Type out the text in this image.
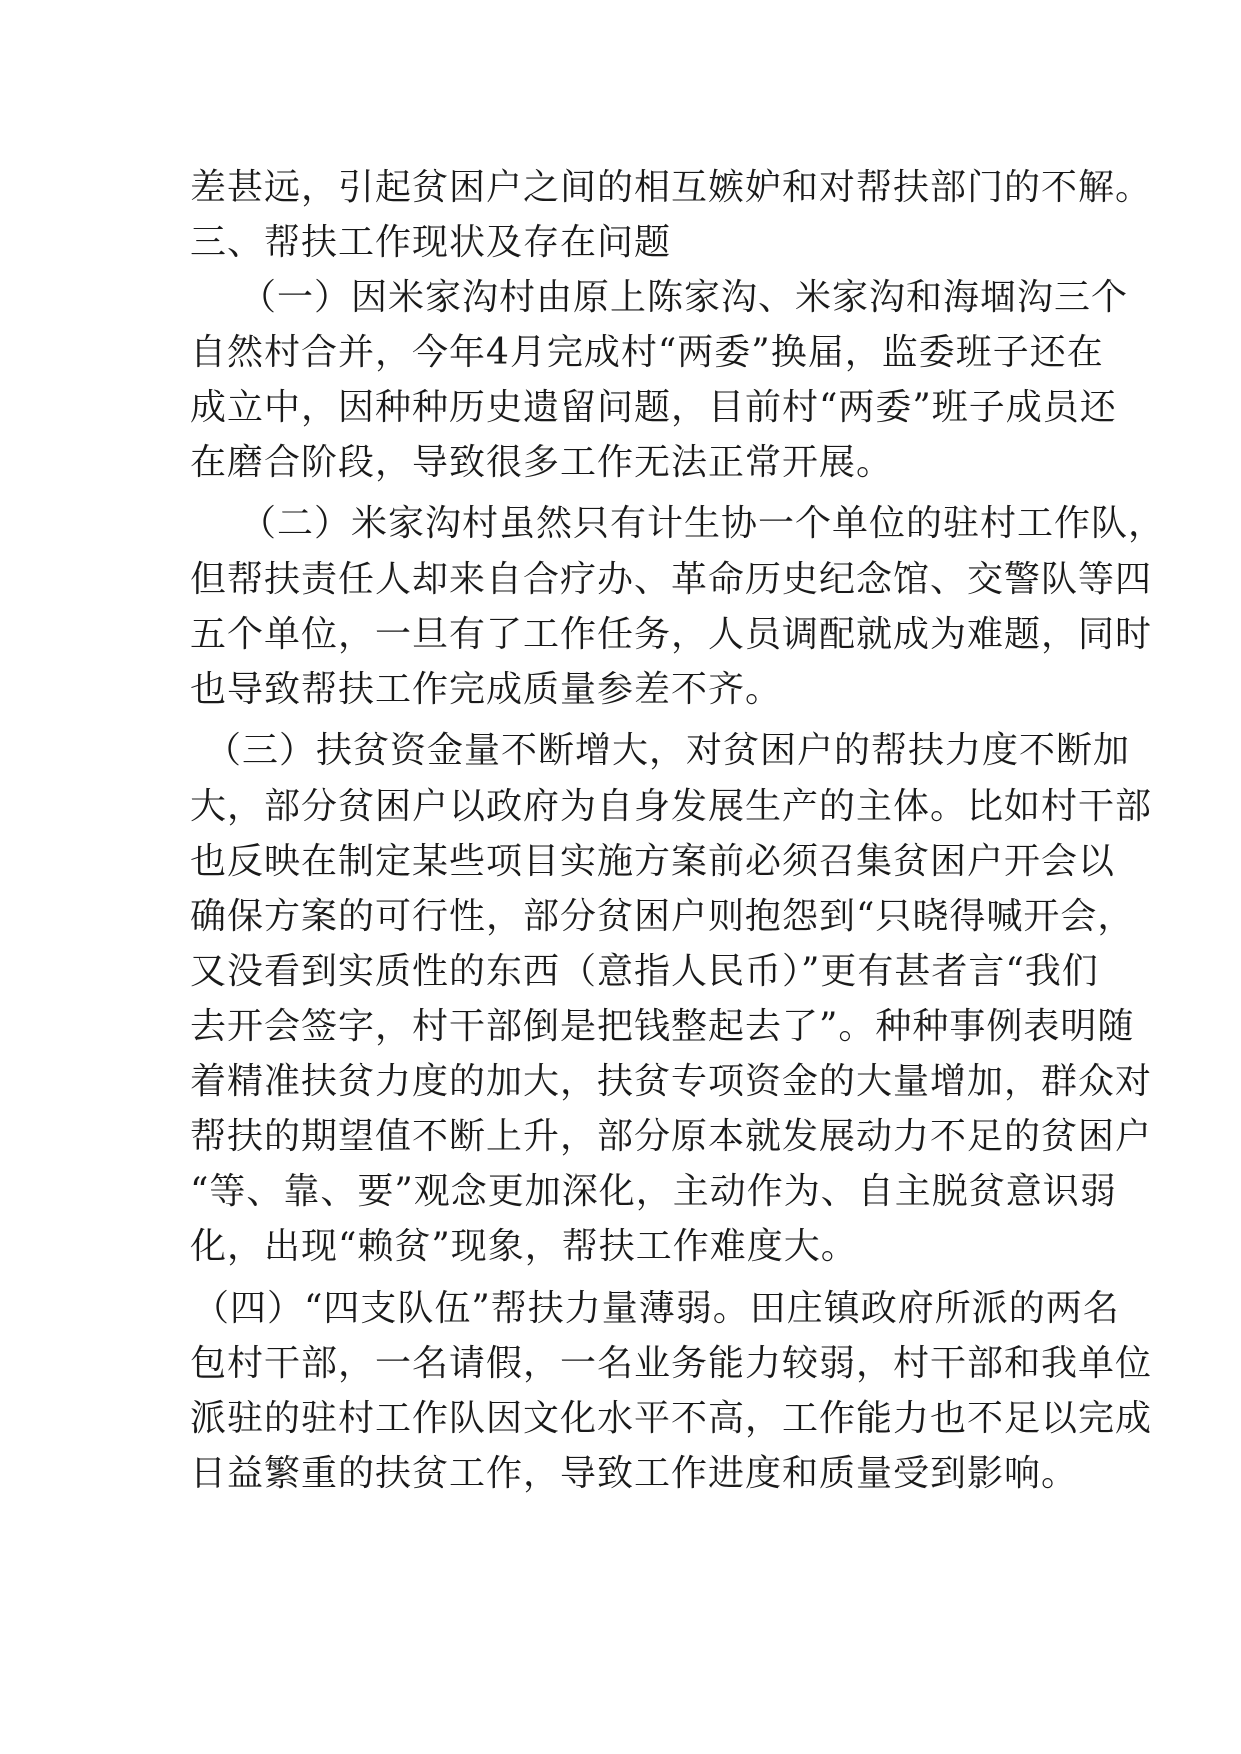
差甚远，引起贫困户之间的相互嫉妒和对帮扶部门的不解。
三、帮扶工作现状及存在问题
（一）因米家沟村由原上陈家沟、米家沟和海堌沟三个
自然村合并，今年4月完成村“两委”换届，监委班子还在
成立中，因种种历史遗留问题，目前村“两委”班子成员还
在磨合阶段，导致很多工作无法正常开展。
（二）米家沟村虽然只有计生协一个单位的驻村工作队，
但帮扶责任人却来自合疗办、革命历史纪念馆、交警队等四
五个单位，一旦有了工作任务，人员调配就成为难题，同时
也导致帮扶工作完成质量参差不齐。
（三）扶贫资金量不断增大，对贫困户的帮扶力度不断加
大，部分贫困户以政府为自身发展生产的主体。比如村干部
也反映在制定某些项目实施方案前必须召集贫困户开会以
确保方案的可行性，部分贫困户则抱怨到“只晓得喊开会，
又没看到实质性的东西（意指人民币）”更有甚者言“我们
去开会签字，村干部倒是把钱整起去了”。种种事例表明随
着精准扶贫力度的加大，扶贫专项资金的大量增加，群众对
帮扶的期望值不断上升，部分原本就发展动力不足的贫困户
“等、靠、要”观念更加深化，主动作为、自主脱贫意识弱
化，出现“赖贫”现象，帮扶工作难度大。
（四）“四支队伍”帮扶力量薄弱。田庄镇政府所派的两名
包村干部，一名请假，一名业务能力较弱，村干部和我单位
派驻的驻村工作队因文化水平不高，工作能力也不足以完成
日益繁重的扶贫工作，导致工作进度和质量受到影响。
